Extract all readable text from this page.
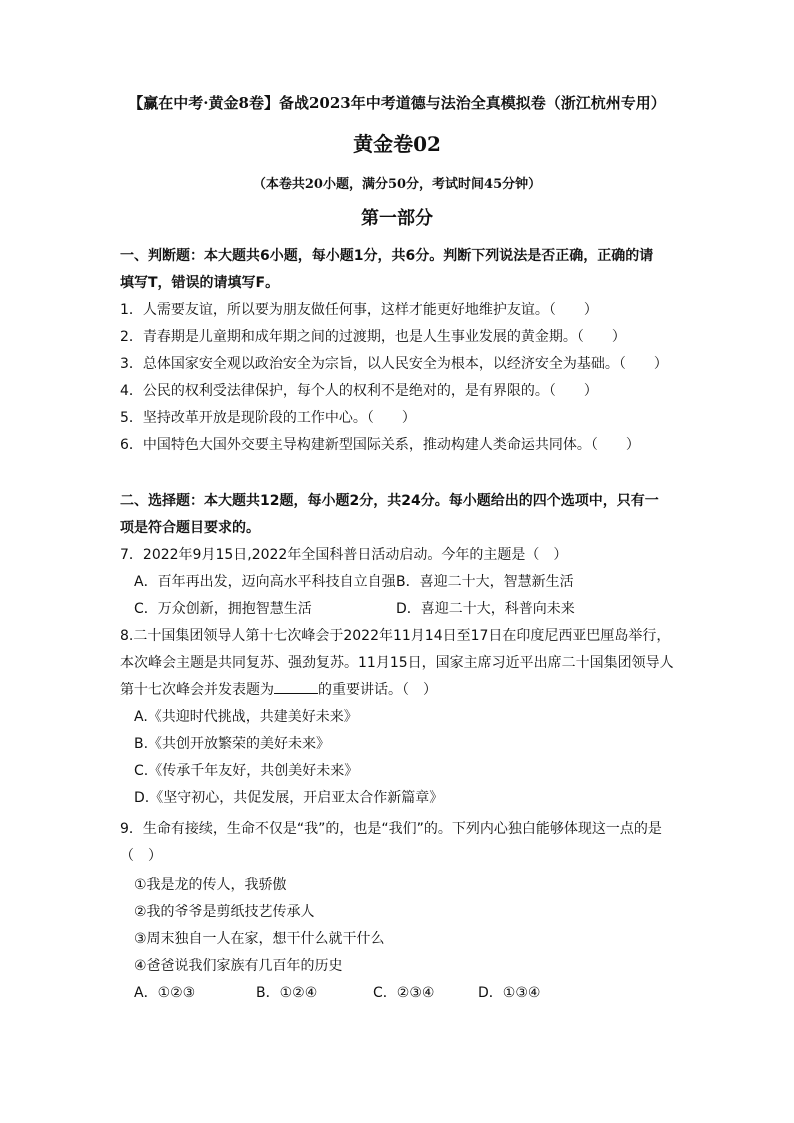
【赢在中考·黄金8卷】备战2023年中考道德与法治全真模拟卷（浙江杭州专用）
黄金卷02
（本卷共20小题，满分50分，考试时间45分钟）
第一部分
一、判断题：本大题共6小题，每小题1分，共6分。判断下列说法是否正确，正确的请
填写T，错误的请填写F。
1．人需要友谊，所以要为朋友做任何事，这样才能更好地维护友谊。（　　）
2．青春期是儿童期和成年期之间的过渡期，也是人生事业发展的黄金期。（　　）
3．总体国家安全观以政治安全为宗旨，以人民安全为根本，以经济安全为基础。（　　）
4．公民的权利受法律保护，每个人的权利不是绝对的，是有界限的。（　　）
5．坚持改革开放是现阶段的工作中心。（　　）
6．中国特色大国外交要主导构建新型国际关系，推动构建人类命运共同体。（　　）
二、选择题：本大题共12题，每小题2分，共24分。每小题给出的四个选项中，只有一
项是符合题目要求的。
7．2022年9月15日,2022年全国科普日活动启动。今年的主题是（　）
A．百年再出发，迈向高水平科技自立自强 B．喜迎二十大，智慧新生活
C．万众创新，拥抱智慧生活	D．喜迎二十大，科普向未来
8.二十国集团领导人第十七次峰会于2022年11月14日至17日在印度尼西亚巴厘岛举行，
本次峰会主题是共同复苏、强劲复苏。11月15日，国家主席习近平出席二十国集团领导人
第十七次峰会并发表题为	的重要讲话。（　）
A.《共迎时代挑战，共建美好未来》
B.《共创开放繁荣的美好未来》
C.《传承千年友好，共创美好未来》
D.《坚守初心，共促发展，开启亚太合作新篇章》
9．生命有接续，生命不仅是“我”的，也是“我们”的。下列内心独白能够体现这一点的是
（　）
①我是龙的传人，我骄傲
②我的爷爷是剪纸技艺传承人
③周末独自一人在家，想干什么就干什么
④爸爸说我们家族有几百年的历史
A．①②③	B．①②④	C．②③④	D．①③④
